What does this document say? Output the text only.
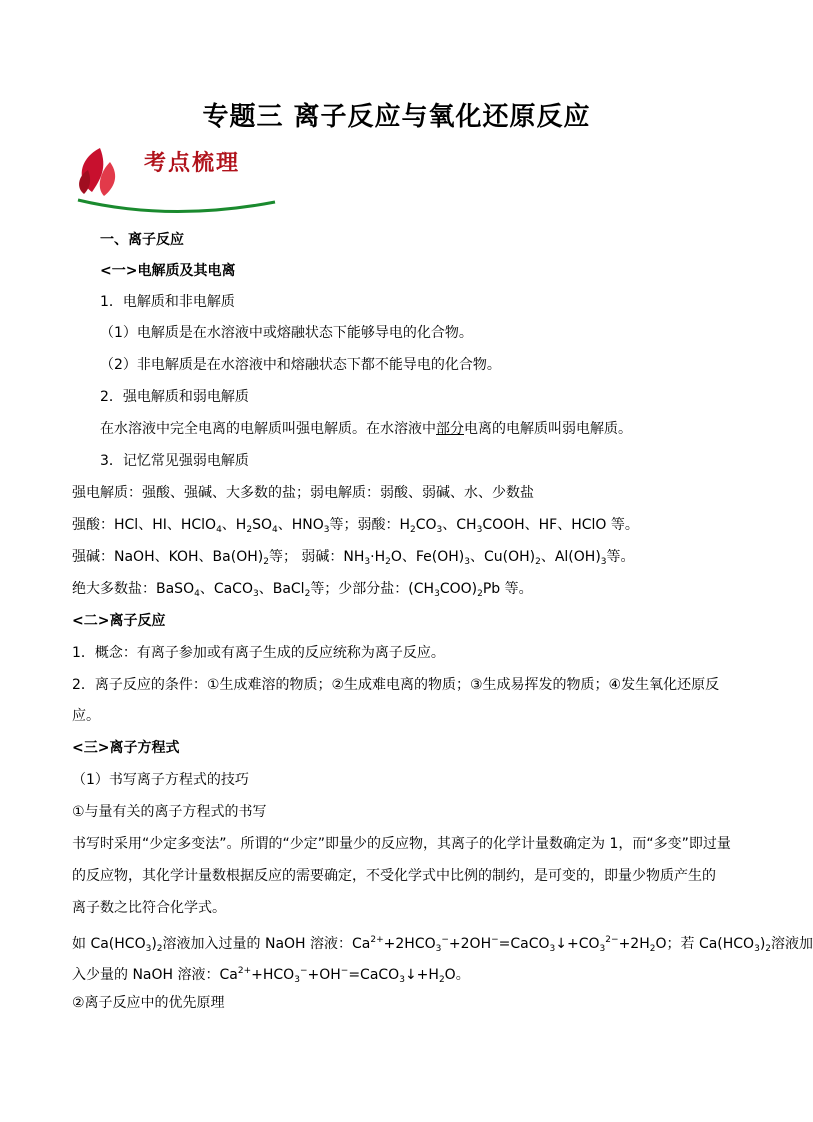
专题三 离子反应与氧化还原反应
考点梳理
一、离子反应
<一>电解质及其电离
1．电解质和非电解质
（1）电解质是在水溶液中或熔融状态下能够导电的化合物。
（2）非电解质是在水溶液中和熔融状态下都不能导电的化合物。
2．强电解质和弱电解质
在水溶液中完全电离的电解质叫强电解质。在水溶液中部分电离的电解质叫弱电解质。
3．记忆常见强弱电解质
强电解质：强酸、强碱、大多数的盐；弱电解质：弱酸、弱碱、水、少数盐
强酸：HCl、HI、HClO$_4$、$H_2SO_4$、$HNO_3$等；弱酸：$H_2CO_3$、$CH_3COOH$、HF、HClO 等。
强碱：NaOH、KOH、$Ba(OH)_2$等； 弱碱：$NH_3\cdot H_2O$、$Fe(OH)_3$、$Cu(OH)_2$、$Al(OH)_3$等。
绝大多数盐：BaSO$_4$、CaCO$_3$、BaCl$_2$等；少部分盐：$(CH_3COO)_2Pb$ 等。
<二>离子反应
1．概念：有离子参加或有离子生成的反应统称为离子反应。
2．离子反应的条件：①生成难溶的物质；②生成难电离的物质；③生成易挥发的物质；④发生氧化还原反
应。
<三>离子方程式
（1）书写离子方程式的技巧
①与量有关的离子方程式的书写
书写时采用“少定多变法”。所谓的“少定”即量少的反应物，其离子的化学计量数确定为 1，而“多变”即过量
的反应物，其化学计量数根据反应的需要确定，不受化学式中比例的制约，是可变的，即量少物质产生的
离子数之比符合化学式。
如 $Ca(HCO_3)_2$溶液加入过量的 NaOH 溶液：$Ca^{2+}+2HCO_3^-+2OH^-=CaCO_3↓+CO_3^{2-}+2H_2O$；若 $Ca(HCO_3)_2$溶液加
入少量的 NaOH 溶液：$Ca^{2+}+HCO_3^-+OH^-=CaCO_3↓+H_2O$。
②离子反应中的优先原理
